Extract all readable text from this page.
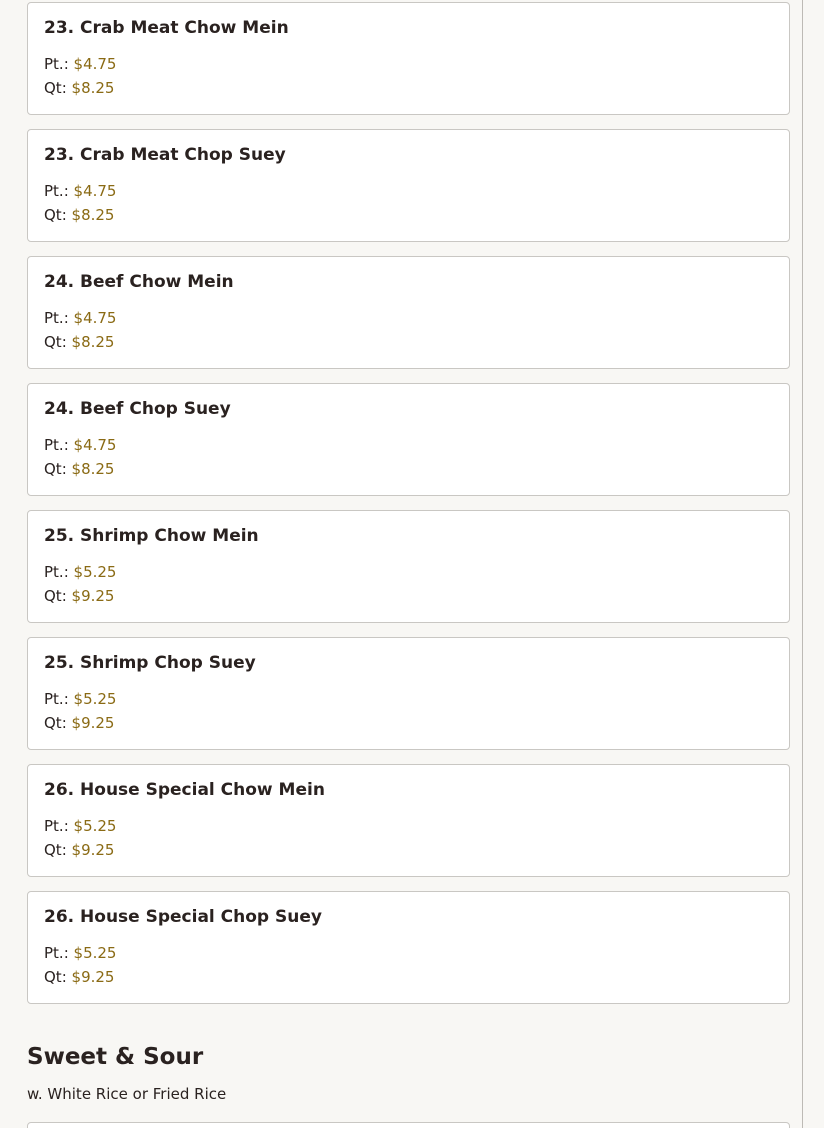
23. Crab Meat Chow Mein
Pt.: $4.75
Qt: $8.25
23. Crab Meat Chop Suey
Pt.: $4.75
Qt: $8.25
24. Beef Chow Mein
Pt.: $4.75
Qt: $8.25
24. Beef Chop Suey
Pt.: $4.75
Qt: $8.25
25. Shrimp Chow Mein
Pt.: $5.25
Qt: $9.25
25. Shrimp Chop Suey
Pt.: $5.25
Qt: $9.25
26. House Special Chow Mein
Pt.: $5.25
Qt: $9.25
26. House Special Chop Suey
Pt.: $5.25
Qt: $9.25
Sweet & Sour
w. White Rice or Fried Rice
